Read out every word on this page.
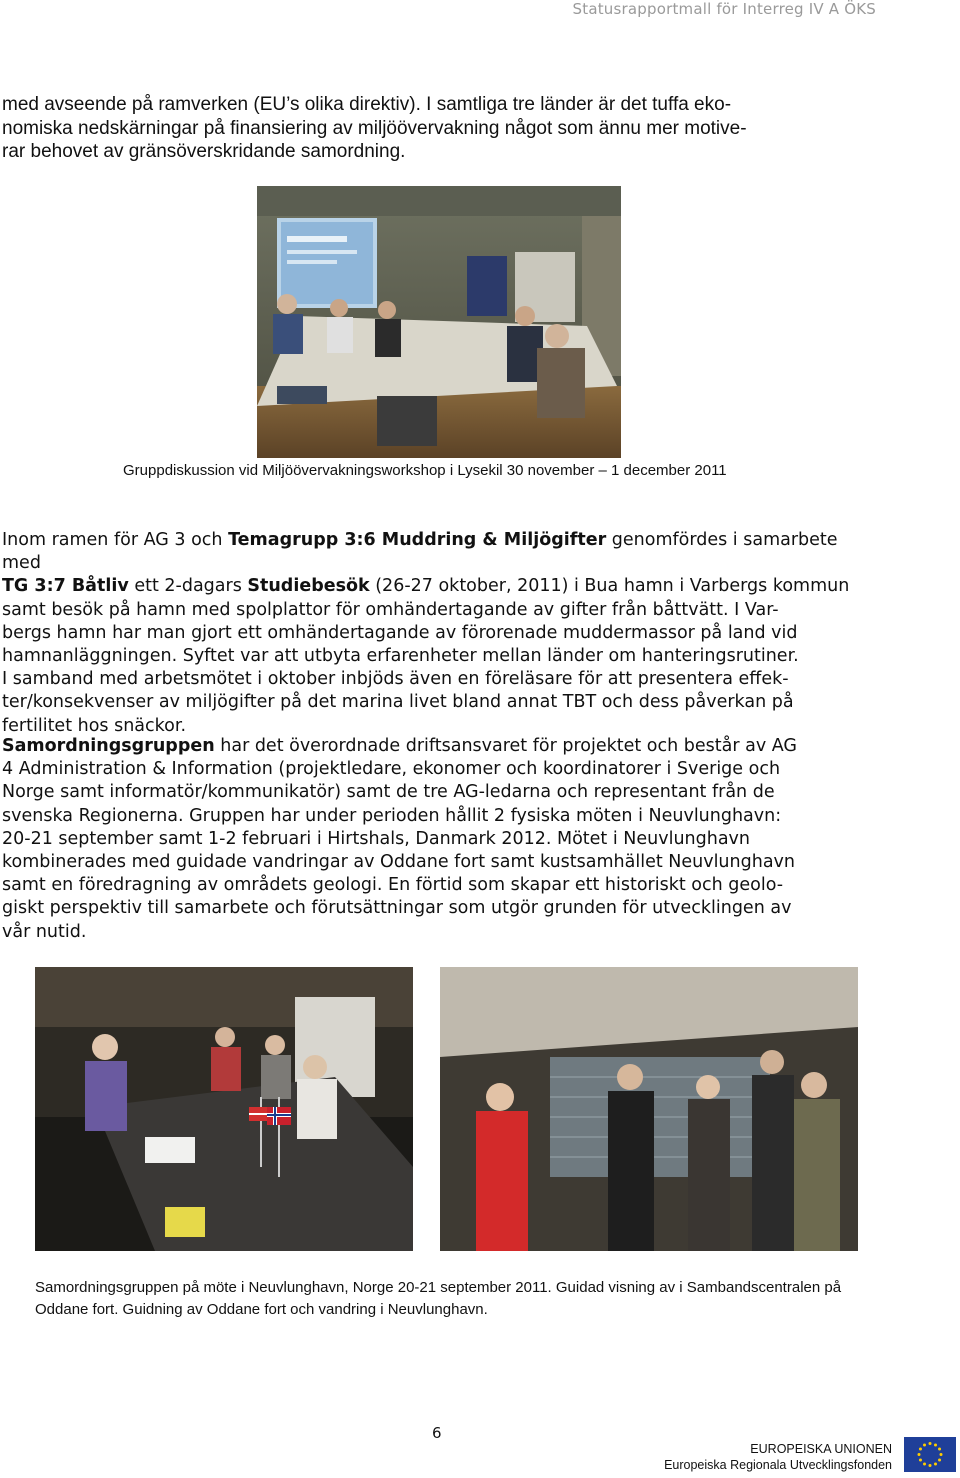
Statusrapportmall för Interreg IV A ÖKS
med avseende på ramverken (EU’s olika direktiv). I samtliga tre länder är det tuffa eko-
nomiska nedskärningar på finansiering av miljöövervakning något som ännu mer motive-
rar behovet av gränsöverskridande samordning.
Gruppdiskussion vid Miljöövervakningsworkshop i Lysekil 30 november – 1 december 2011
Inom ramen för AG 3 och Temagrupp 3:6 Muddring & Miljögifter genomfördes i samarbete med
TG 3:7 Båtliv ett 2-dagars Studiebesök (26-27 oktober, 2011) i Bua hamn i Varbergs kommun
samt besök på hamn med spolplattor för omhändertagande av gifter från båttvätt. I Var-
bergs hamn har man gjort ett omhändertagande av förorenade muddermassor på land vid
hamnanläggningen. Syftet var att utbyta erfarenheter mellan länder om hanteringsrutiner.
I samband med arbetsmötet i oktober inbjöds även en föreläsare för att presentera effek-
ter/konsekvenser av miljögifter på det marina livet bland annat TBT och dess påverkan på
fertilitet hos snäckor.
Samordningsgruppen har det överordnade driftsansvaret för projektet och består av AG
4 Administration & Information (projektledare, ekonomer och koordinatorer i Sverige och
Norge samt informatör/kommunikatör) samt de tre AG-ledarna och representant från de
svenska Regionerna. Gruppen har under perioden hållit 2 fysiska möten i Neuvlunghavn:
20-21 september samt 1-2 februari i Hirtshals, Danmark 2012. Mötet i Neuvlunghavn
kombinerades med guidade vandringar av Oddane fort samt kustsamhället Neuvlunghavn
samt en föredragning av områdets geologi. En förtid som skapar ett historiskt och geolo-
giskt perspektiv till samarbete och förutsättningar som utgör grunden för utvecklingen av
vår nutid.
Samordningsgruppen på möte i Neuvlunghavn, Norge 20-21 september 2011. Guidad visning av i Sambandscentralen på
Oddane fort. Guidning av Oddane fort och vandring i Neuvlunghavn.
6
EUROPEISKA UNIONEN
Europeiska Regionala Utvecklingsfonden
